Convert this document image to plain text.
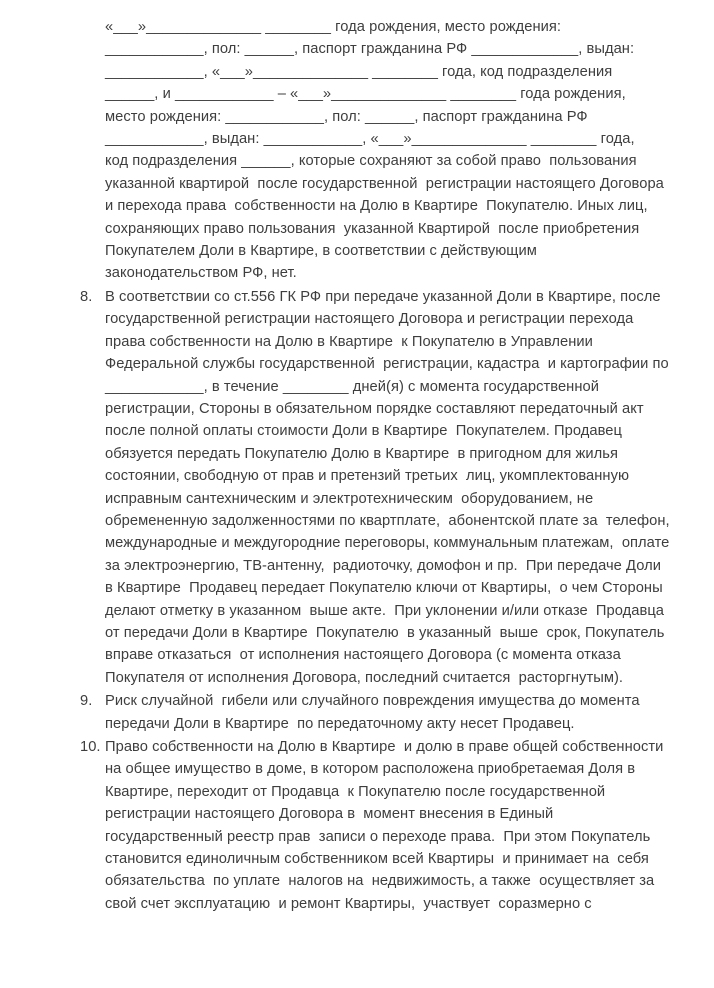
«___»______________ ________ года рождения, место рождения:
____________, пол: ______, паспорт гражданина РФ _____________, выдан:
____________, «___»______________ ________ года, код подразделения
______, и ____________ – «___»______________ ________ года рождения,
место рождения: ____________, пол: ______, паспорт гражданина РФ
____________, выдан: ____________, «___»______________ ________ года,
код подразделения ______, которые сохраняют за собой право  пользования
указанной квартирой  после государственной  регистрации настоящего Договора
и перехода права  собственности на Долю в Квартире  Покупателю. Иных лиц,
сохраняющих право пользования  указанной Квартирой  после приобретения
Покупателем Доли в Квартире, в соответствии с действующим
законодательством РФ, нет.
8. В соответствии со ст.556 ГК РФ при передаче указанной Доли в Квартире, после
государственной регистрации настоящего Договора и регистрации перехода
права собственности на Долю в Квартире  к Покупателю в Управлении
Федеральной службы государственной  регистрации, кадастра  и картографии по
____________, в течение ________ дней(я) с момента государственной
регистрации, Стороны в обязательном порядке составляют передаточный акт
после полной оплаты стоимости Доли в Квартире  Покупателем. Продавец
обязуется передать Покупателю Долю в Квартире  в пригодном для жилья
состоянии, свободную от прав и претензий третьих  лиц, укомплектованную
исправным сантехническим и электротехническим  оборудованием, не
обремененную задолженностями по квартплате,  абонентской плате за  телефон,
международные и междугородние переговоры, коммунальным платежам,  оплате
за электроэнергию, ТВ-антенну,  радиоточку, домофон и пр.  При передаче Доли
в Квартире  Продавец передает Покупателю ключи от Квартиры,  о чем Стороны
делают отметку в указанном  выше акте.  При уклонении и/или отказе  Продавца
от передачи Доли в Квартире  Покупателю  в указанный  выше  срок, Покупатель
вправе отказаться  от исполнения настоящего Договора (с момента отказа
Покупателя от исполнения Договора, последний считается  расторгнутым).
9. Риск случайной  гибели или случайного повреждения имущества до момента
передачи Доли в Квартире  по передаточному акту несет Продавец.
10. Право собственности на Долю в Квартире  и долю в праве общей собственности
на общее имущество в доме, в котором расположена приобретаемая Доля в
Квартире, переходит от Продавца  к Покупателю после государственной
регистрации настоящего Договора в  момент внесения в Единый
государственный реестр прав  записи о переходе права.  При этом Покупатель
становится единоличным собственником всей Квартиры  и принимает на  себя
обязательства  по уплате  налогов на  недвижимость, а также  осуществляет за
свой счет эксплуатацию  и ремонт Квартиры,  участвует  соразмерно с
